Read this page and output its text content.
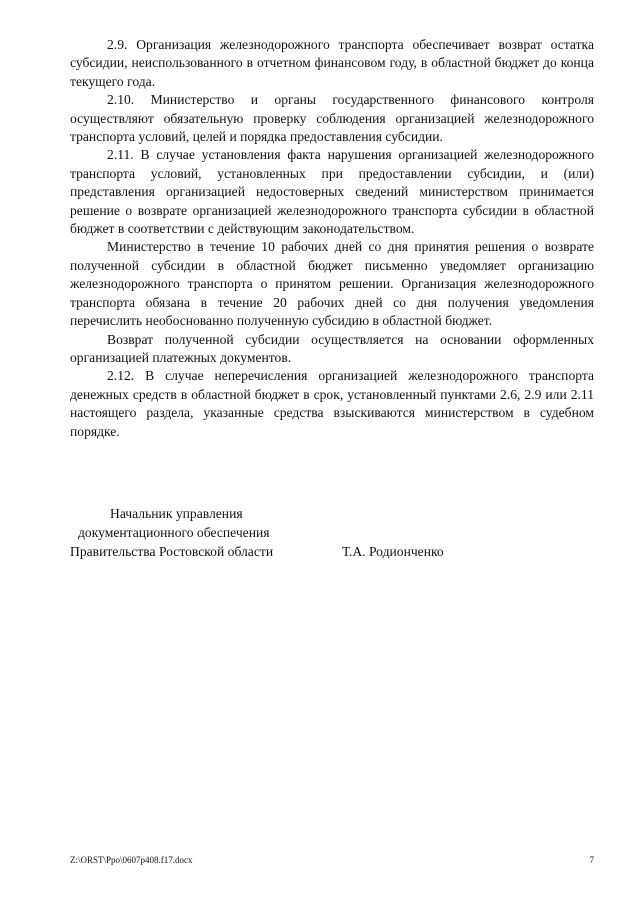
2.9. Организация железнодорожного транспорта обеспечивает возврат остатка субсидии, неиспользованного в отчетном финансовом году, в областной бюджет до конца текущего года.

2.10. Министерство и органы государственного финансового контроля осуществляют обязательную проверку соблюдения организацией железнодорожного транспорта условий, целей и порядка предоставления субсидии.

2.11. В случае установления факта нарушения организацией железнодорожного транспорта условий, установленных при предоставлении субсидии, и (или) представления организацией недостоверных сведений министерством принимается решение о возврате организацией железнодорожного транспорта субсидии в областной бюджет в соответствии с действующим законодательством.

Министерство в течение 10 рабочих дней со дня принятия решения о возврате полученной субсидии в областной бюджет письменно уведомляет организацию железнодорожного транспорта о принятом решении. Организация железнодорожного транспорта обязана в течение 20 рабочих дней со дня получения уведомления перечислить необоснованно полученную субсидию в областной бюджет.

Возврат полученной субсидии осуществляется на основании оформленных организацией платежных документов.

2.12. В случае неперечисления организацией железнодорожного транспорта денежных средств в областной бюджет в срок, установленный пунктами 2.6, 2.9 или 2.11 настоящего раздела, указанные средства взыскиваются министерством в судебном порядке.

Начальник управления
документационного обеспечения
Правительства Ростовской области	Т.А. Родионченко
Z:\ORST\Ppo\0607p408.f17.docx	7
